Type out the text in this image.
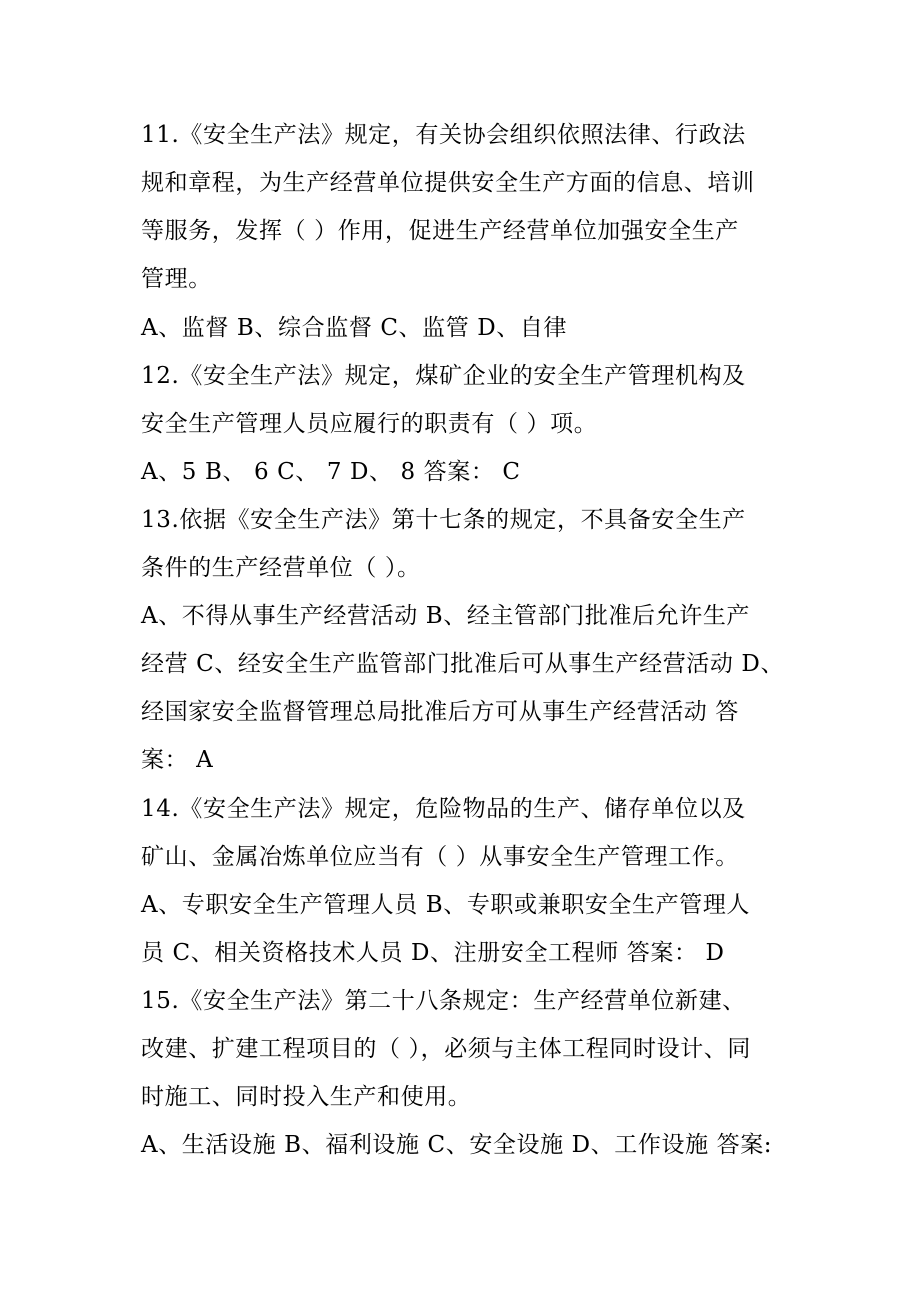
11.《安全生产法》规定，有关协会组织依照法律、行政法
规和章程，为生产经营单位提供安全生产方面的信息、培训
等服务，发挥（ ）作用，促进生产经营单位加强安全生产
管理。
A、监督 B、综合监督 C、监管 D、自律
12.《安全生产法》规定，煤矿企业的安全生产管理机构及
安全生产管理人员应履行的职责有（ ）项。
A、5 B、 6 C、 7 D、 8 答案： C
13.依据《安全生产法》第十七条的规定，不具备安全生产
条件的生产经营单位（ ）。
A、不得从事生产经营活动 B、经主管部门批准后允许生产
经营 C、经安全生产监管部门批准后可从事生产经营活动 D、
经国家安全监督管理总局批准后方可从事生产经营活动 答
案： A
14.《安全生产法》规定，危险物品的生产、储存单位以及
矿山、金属冶炼单位应当有（ ）从事安全生产管理工作。
A、专职安全生产管理人员 B、专职或兼职安全生产管理人
员 C、相关资格技术人员 D、注册安全工程师 答案： D
15.《安全生产法》第二十八条规定：生产经营单位新建、
改建、扩建工程项目的（ ），必须与主体工程同时设计、同
时施工、同时投入生产和使用。
A、生活设施 B、福利设施 C、安全设施 D、工作设施 答案:
